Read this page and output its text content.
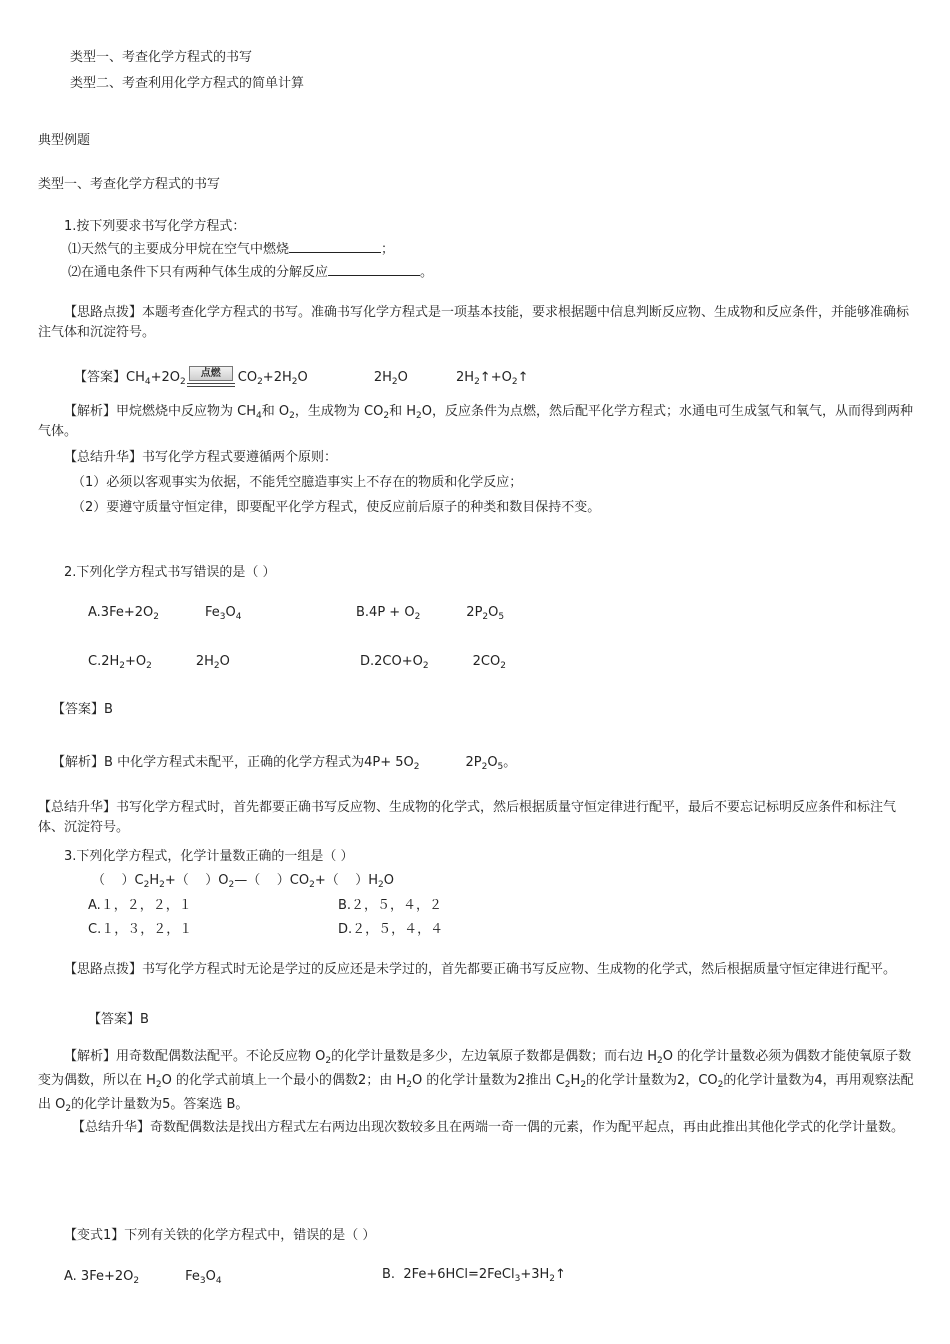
类型一、考查化学方程式的书写
类型二、考查利用化学方程式的简单计算
典型例题
类型一、考查化学方程式的书写
1.按下列要求书写化学方程式：
⑴天然气的主要成分甲烷在空气中燃烧	；
⑵在通电条件下只有两种气体生成的分解反应	。
【思路点拨】本题考查化学方程式的书写。准确书写化学方程式是一项基本技能，要求根据题中信息判断反应物、生成物和反应条件，并能够准确标注气体和沉淀符号。
【答案】$CH_4+2O_2$
点燃	$CO_2+2H_2O$	$2H_2O$	$2H_2↑+O_2↑$
【解析】甲烷燃烧中反应物为 $CH_4$和 $O_2$，生成物为 $CO_2$和 $H_2O$，反应条件为点燃，然后配平化学方程式；水通电可生成氢气和氧气，从而得到两种气体。
【总结升华】书写化学方程式要遵循两个原则：
（1）必须以客观事实为依据，不能凭空臆造事实上不存在的物质和化学反应；
（2）要遵守质量守恒定律，即要配平化学方程式，使反应前后原子的种类和数目保持不变。
2.下列化学方程式书写错误的是（ ）
$A.3Fe+2O_2$	$Fe_3O_4$	$B.4P + O_2$	$2P_2O_5$
$C.2H_2+O_2$	$2H_2O$	$D.2CO+O_2$	$2CO_2$
【答案】B
【解析】B 中化学方程式未配平，正确的化学方程式为$4P+ 5O_2$	$2P_2O_5$。
【总结升华】书写化学方程式时，首先都要正确书写反应物、生成物的化学式，然后根据质量守恒定律进行配平，最后不要忘记标明反应条件和标注气体、沉淀符号。
3.下列化学方程式，化学计量数正确的一组是（ ）
（    ）$C_2H_2+$（    ）$O_2—$（    ）$CO_2+$（    ）$H_2O$
A.１，２，２，１	B.２，５，４，２
C.１，３，２，１	D.２，５，４，４
【思路点拨】书写化学方程式时无论是学过的反应还是未学过的，首先都要正确书写反应物、生成物的化学式，然后根据质量守恒定律进行配平。
【答案】B
【解析】用奇数配偶数法配平。不论反应物 $O_2$的化学计量数是多少，左边氧原子数都是偶数；而右边 $H_2O$ 的化学计量数必须为偶数才能使氧原子数变为偶数，所以在 $H_2O$ 的化学式前填上一个最小的偶数2；由 $H_2O$ 的化学计量数为2推出 $C_2H_2$的化学计量数为2，$CO_2$的化学计量数为4，再用观察法配出 $O_2$的化学计量数为5。答案选 B。
【总结升华】奇数配偶数法是找出方程式左右两边出现次数较多且在两端一奇一偶的元素，作为配平起点，再由此推出其他化学式的化学计量数。
【变式1】下列有关铁的化学方程式中，错误的是（ ）
A. $3Fe+2O_2$	$Fe_3O_4$	B.  $2Fe+6HCl=2FeCl_3+3H_2↑$
